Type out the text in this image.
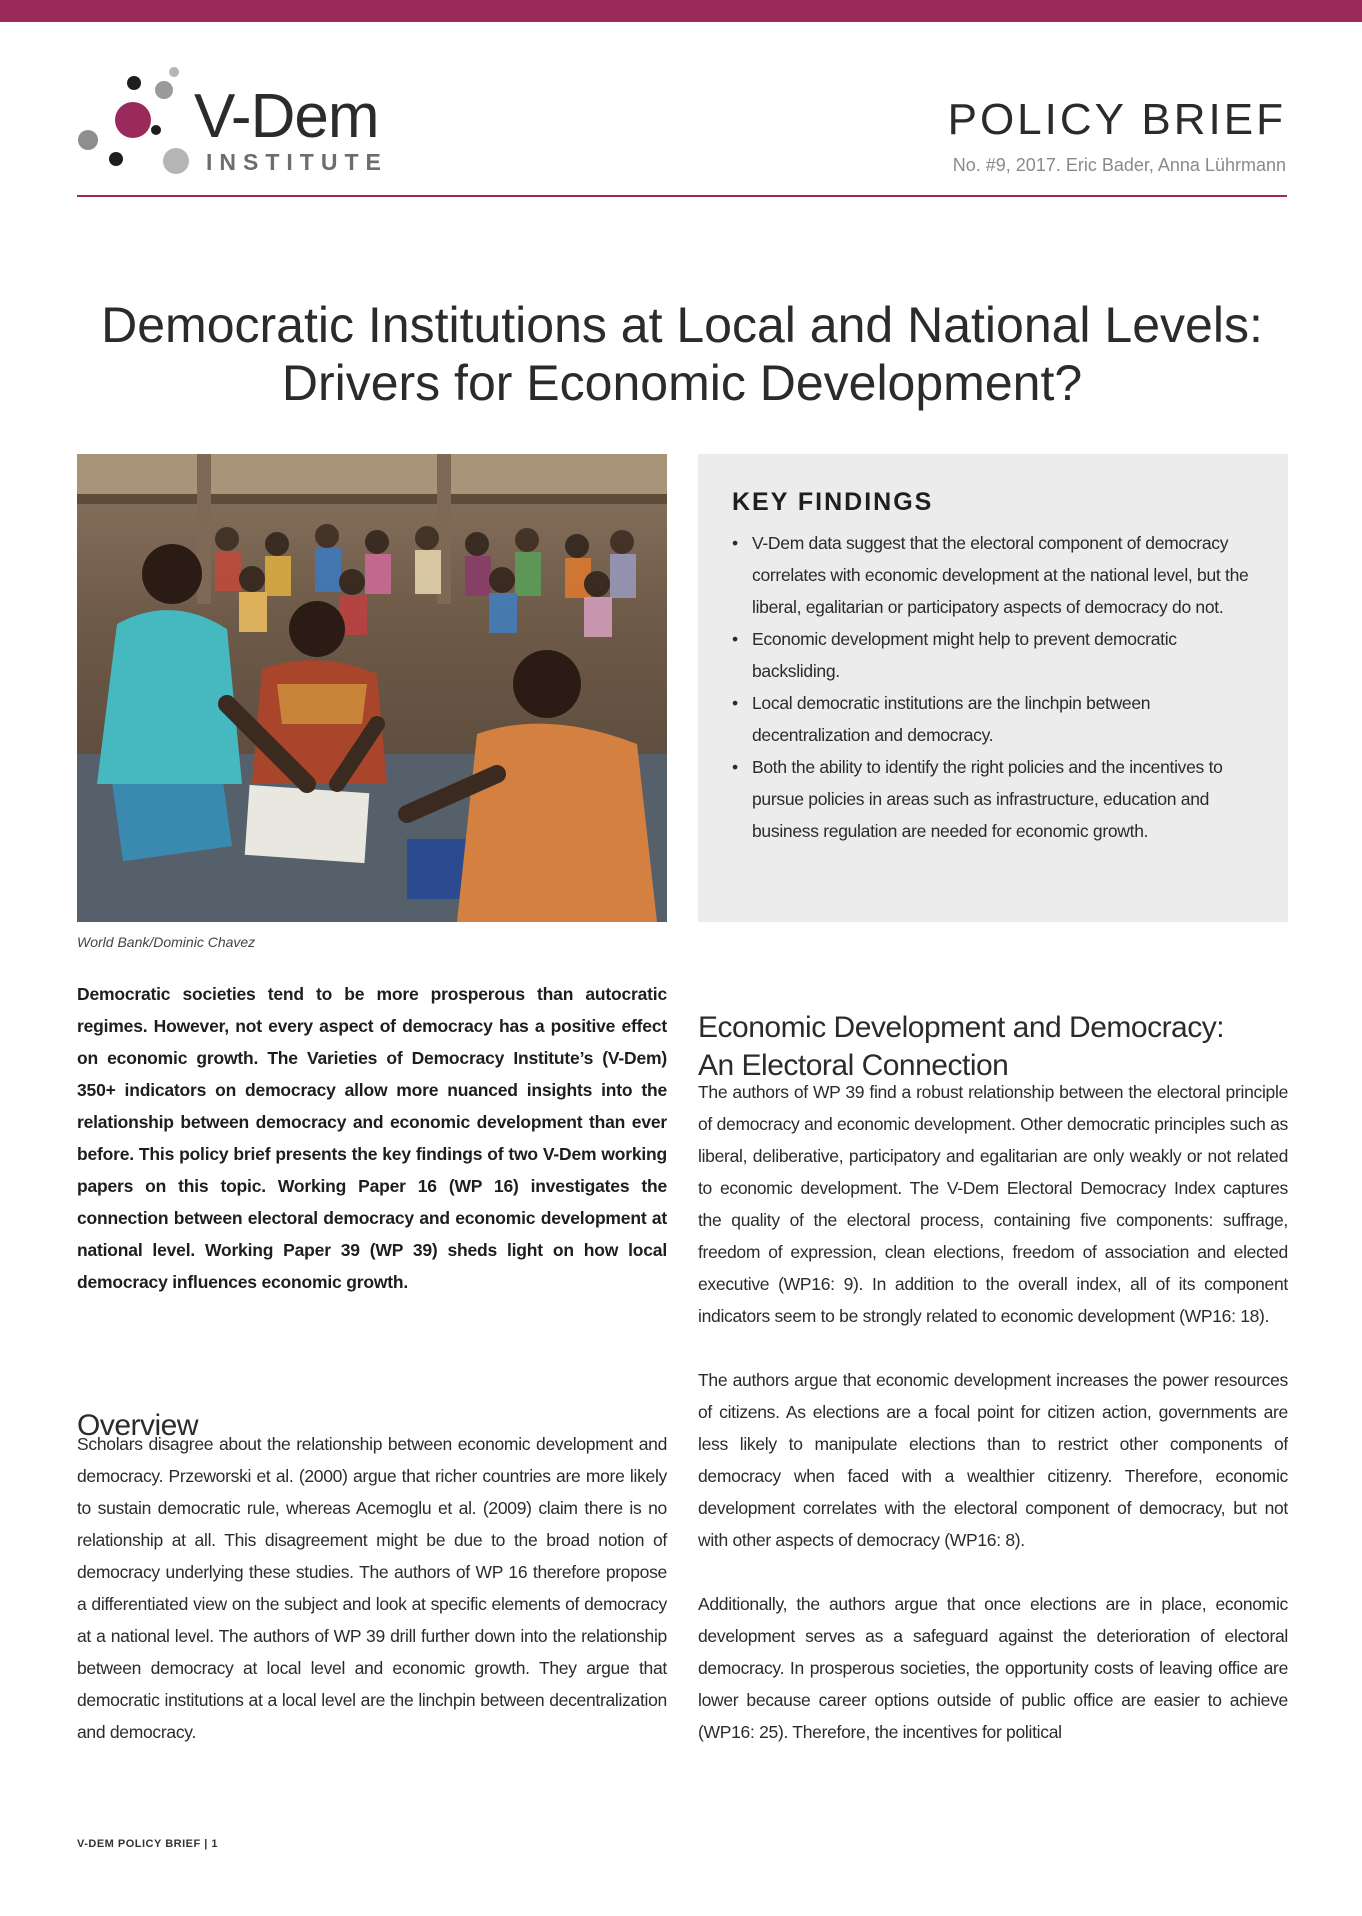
V-Dem
INSTITUTE
POLICY BRIEF
No. #9, 2017. Eric Bader, Anna Lührmann
Democratic Institutions at Local and National Levels:
Drivers for Economic Development?
World Bank/Dominic Chavez
KEY FINDINGS
• V-Dem data suggest that the electoral component of democracy correlates with economic development at the national level, but the liberal, egalitarian or participatory aspects of democracy do not.
• Economic development might help to prevent democratic backsliding.
• Local democratic institutions are the linchpin between decentralization and democracy.
• Both the ability to identify the right policies and the incentives to pursue policies in areas such as infrastructure, education and business regulation are needed for economic growth.
Democratic societies tend to be more prosperous than autocratic regimes. However, not every aspect of democracy has a positive effect on economic growth. The Varieties of Democracy Institute’s (V-Dem) 350+ indicators on democracy allow more nuanced insights into the relationship between democracy and economic development than ever before. This policy brief presents the key findings of two V-Dem working papers on this topic. Working Paper 16 (WP 16) investigates the connection between electoral democracy and economic development at national level. Working Paper 39 (WP 39) sheds light on how local democracy influences economic growth.
Overview

Scholars disagree about the relationship between economic development and democracy. Przeworski et al. (2000) argue that richer countries are more likely to sustain democratic rule, whereas Acemoglu et al. (2009) claim there is no relationship at all. This disagreement might be due to the broad notion of democracy underlying these studies. The authors of WP 16 therefore propose a differentiated view on the subject and look at specific elements of democracy at a national level. The authors of WP 39 drill further down into the relationship between democracy at local level and economic growth. They argue that democratic institutions at a local level are the linchpin between decentralization and democracy.

Economic Development and Democracy:
An Electoral Connection

The authors of WP 39 find a robust relationship between the electoral principle of democracy and economic development. Other democratic principles such as liberal, deliberative, participatory and egalitarian are only weakly or not related to economic development. The V-Dem Electoral Democracy Index captures the quality of the electoral process, containing five components: suffrage, freedom of expression, clean elections, freedom of association and elected executive (WP16: 9). In addition to the overall index, all of its component indicators seem to be strongly related to economic development (WP16: 18).

The authors argue that economic development increases the power resources of citizens. As elections are a focal point for citizen action, governments are less likely to manipulate elections than to restrict other components of democracy when faced with a wealthier citizenry. Therefore, economic development correlates with the electoral component of democracy, but not with other aspects of democracy (WP16: 8).

Additionally, the authors argue that once elections are in place, economic development serves as a safeguard against the deterioration of electoral democracy. In prosperous societies, the opportunity costs of leaving office are lower because career options outside of public office are easier to achieve (WP16: 25). Therefore, the incentives for political

V-DEM POLICY BRIEF | 1
